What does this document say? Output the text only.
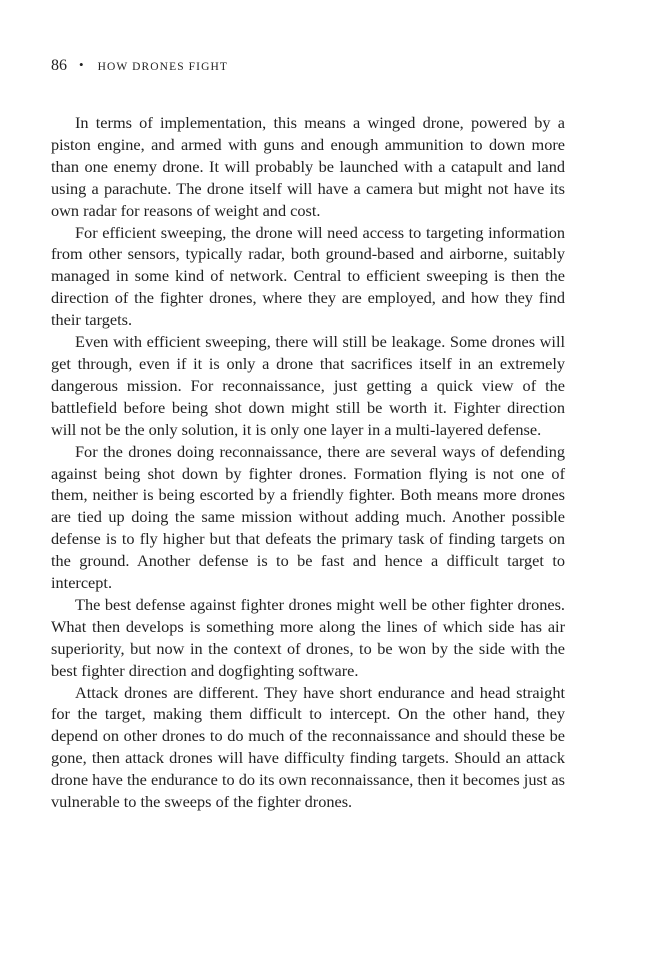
86 • HOW DRONES FIGHT

In terms of implementation, this means a winged drone, powered by a piston engine, and armed with guns and enough ammunition to down more than one enemy drone. It will probably be launched with a catapult and land using a parachute. The drone itself will have a camera but might not have its own radar for reasons of weight and cost.

For efficient sweeping, the drone will need access to targeting information from other sensors, typically radar, both ground-based and airborne, suitably managed in some kind of network. Central to efficient sweeping is then the direction of the fighter drones, where they are employed, and how they find their targets.

Even with efficient sweeping, there will still be leakage. Some drones will get through, even if it is only a drone that sacrifices itself in an extremely dangerous mission. For reconnaissance, just getting a quick view of the battlefield before being shot down might still be worth it. Fighter direction will not be the only solution, it is only one layer in a multi-layered defense.

For the drones doing reconnaissance, there are several ways of defending against being shot down by fighter drones. Formation flying is not one of them, neither is being escorted by a friendly fighter. Both means more drones are tied up doing the same mission without adding much. Another possible defense is to fly higher but that defeats the primary task of finding targets on the ground. Another defense is to be fast and hence a difficult target to intercept.

The best defense against fighter drones might well be other fighter drones. What then develops is something more along the lines of which side has air superiority, but now in the context of drones, to be won by the side with the best fighter direction and dogfighting software.

Attack drones are different. They have short endurance and head straight for the target, making them difficult to intercept. On the other hand, they depend on other drones to do much of the reconnaissance and should these be gone, then attack drones will have difficulty finding targets. Should an attack drone have the endurance to do its own reconnaissance, then it becomes just as vulnerable to the sweeps of the fighter drones.
